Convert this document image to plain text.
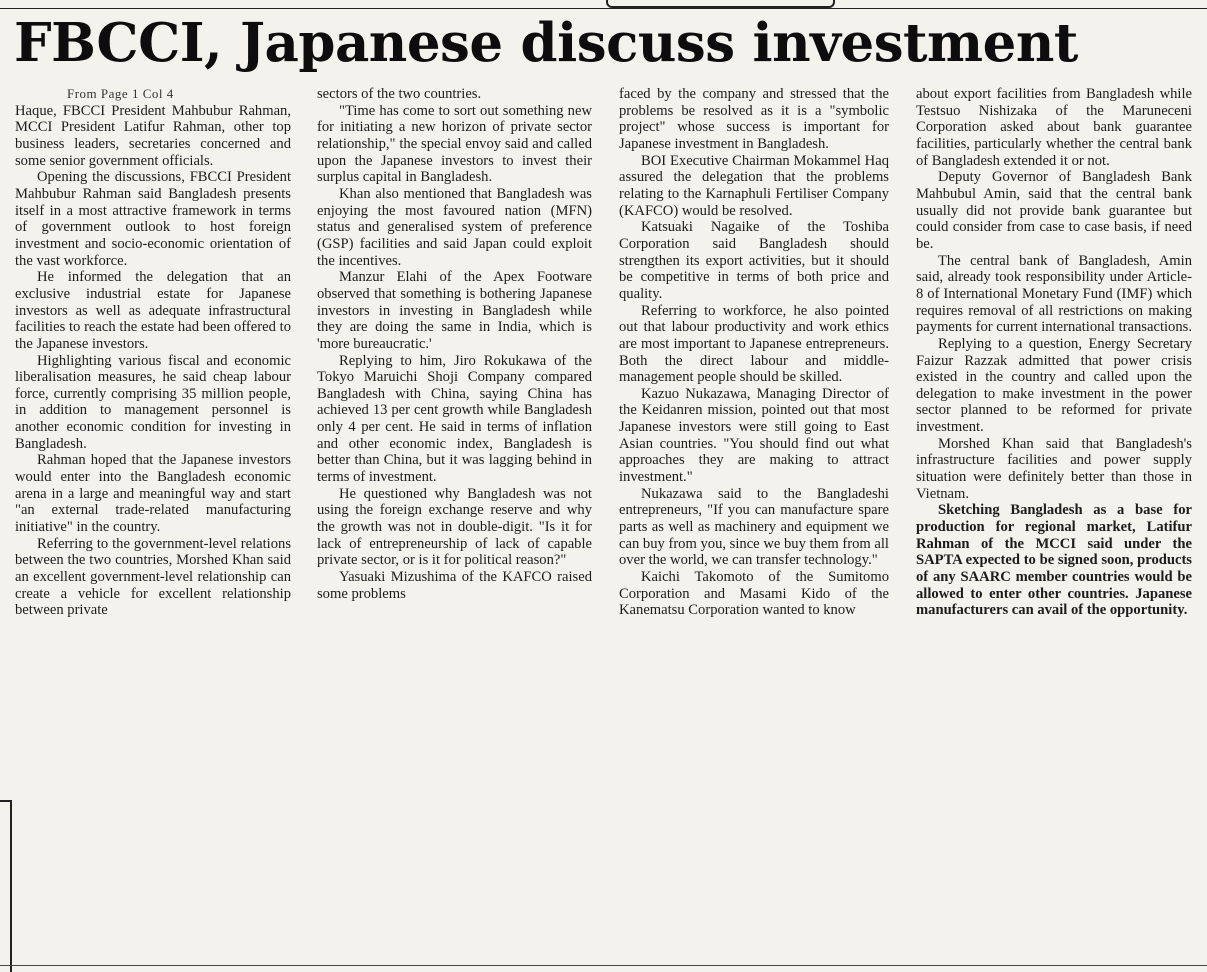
FBCCI, Japanese discuss investment

From Page 1 Col 4

Haque, FBCCI President Mahbubur Rahman, MCCI President Latifur Rahman, other top business leaders, secretaries concerned and some senior government officials.

Opening the discussions, FBCCI President Mahbubur Rahman said Bangladesh presents itself in a most attractive framework in terms of government outlook to host foreign investment and socio-economic orientation of the vast workforce.

He informed the delegation that an exclusive industrial estate for Japanese investors as well as adequate infrastructural facilities to reach the estate had been offered to the Japanese investors.

Highlighting various fiscal and economic liberalisation measures, he said cheap labour force, currently comprising 35 million people, in addition to management personnel is another economic condition for investing in Bangladesh.

Rahman hoped that the Japanese investors would enter into the Bangladesh economic arena in a large and meaningful way and start "an external trade-related manufacturing initiative" in the country.

Referring to the government-level relations between the two countries, Morshed Khan said an excellent government-level relationship can create a vehicle for excellent relationship between private

sectors of the two countries.

"Time has come to sort out something new for initiating a new horizon of private sector relationship," the special envoy said and called upon the Japanese investors to invest their surplus capital in Bangladesh.

Khan also mentioned that Bangladesh was enjoying the most favoured nation (MFN) status and generalised system of preference (GSP) facilities and said Japan could exploit the incentives.

Manzur Elahi of the Apex Footware observed that something is bothering Japanese investors in investing in Bangladesh while they are doing the same in India, which is 'more bureaucratic.'

Replying to him, Jiro Rokukawa of the Tokyo Maruichi Shoji Company compared Bangladesh with China, saying China has achieved 13 per cent growth while Bangladesh only 4 per cent. He said in terms of inflation and other economic index, Bangladesh is better than China, but it was lagging behind in terms of investment.

He questioned why Bangladesh was not using the foreign exchange reserve and why the growth was not in double-digit. "Is it for lack of entrepreneurship of lack of capable private sector, or is it for political reason?"

Yasuaki Mizushima of the KAFCO raised some problems

faced by the company and stressed that the problems be resolved as it is a "symbolic project" whose success is important for Japanese investment in Bangladesh.

BOI Executive Chairman Mokammel Haq assured the delegation that the problems relating to the Karnaphuli Fertiliser Company (KAFCO) would be resolved.

Katsuaki Nagaike of the Toshiba Corporation said Bangladesh should strengthen its export activities, but it should be competitive in terms of both price and quality.

Referring to workforce, he also pointed out that labour productivity and work ethics are most important to Japanese entrepreneurs. Both the direct labour and middle-management people should be skilled.

Kazuo Nukazawa, Managing Director of the Keidanren mission, pointed out that most Japanese investors were still going to East Asian countries. "You should find out what approaches they are making to attract investment."

Nukazawa said to the Bangladeshi entrepreneurs, "If you can manufacture spare parts as well as machinery and equipment we can buy from you, since we buy them from all over the world, we can transfer technology."

Kaichi Takomoto of the Sumitomo Corporation and Masami Kido of the Kanematsu Corporation wanted to know

about export facilities from Bangladesh while Testsuo Nishizaka of the Maruneceni Corporation asked about bank guarantee facilities, particularly whether the central bank of Bangladesh extended it or not.

Deputy Governor of Bangladesh Bank Mahbubul Amin, said that the central bank usually did not provide bank guarantee but could consider from case to case basis, if need be.

The central bank of Bangladesh, Amin said, already took responsibility under Article-8 of International Monetary Fund (IMF) which requires removal of all restrictions on making payments for current international transactions.

Replying to a question, Energy Secretary Faizur Razzak admitted that power crisis existed in the country and called upon the delegation to make investment in the power sector planned to be reformed for private investment.

Morshed Khan said that Bangladesh's infrastructure facilities and power supply situation were definitely better than those in Vietnam.

Sketching Bangladesh as a base for production for regional market, Latifur Rahman of the MCCI said under the SAPTA expected to be signed soon, products of any SAARC member countries would be allowed to enter other countries. Japanese manufacturers can avail of the opportunity.
